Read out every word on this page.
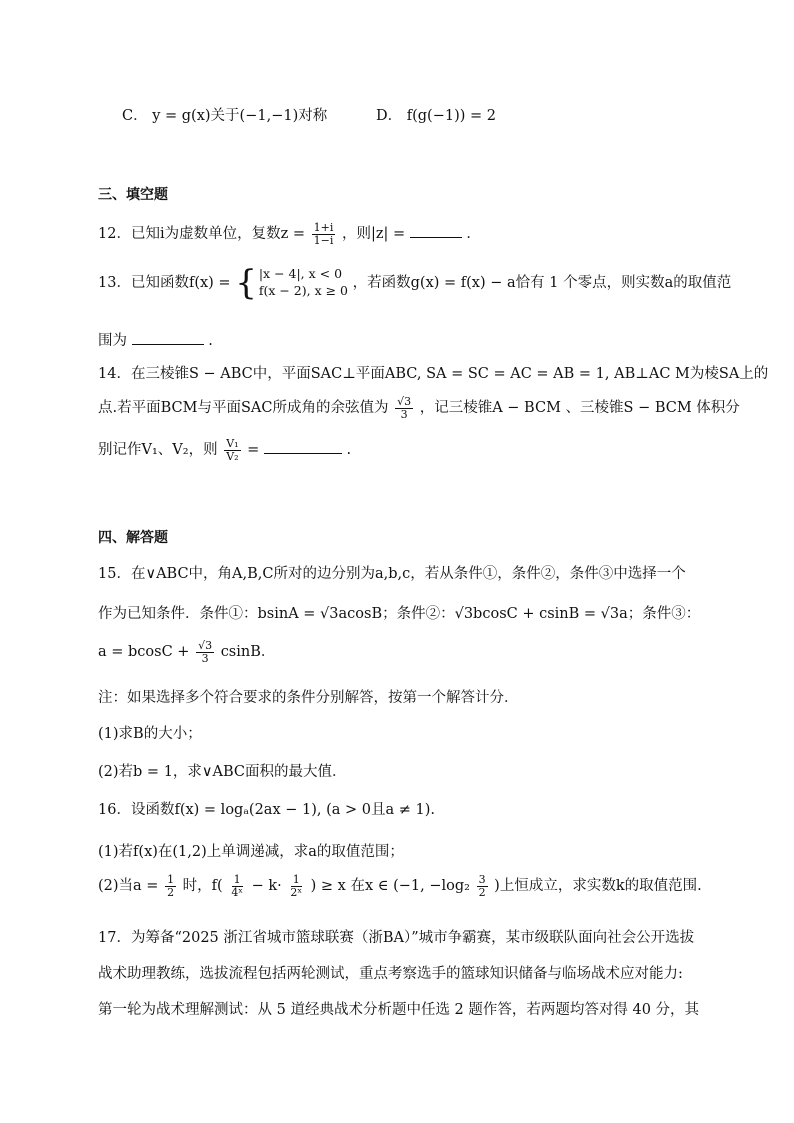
C． y = g(x)关于(−1,−1)对称	D． f(g(−1)) = 2
三、填空题
12．已知i为虚数单位，复数$z = \frac{1+i}{1-i}$ ，则|z| =	．
13．已知函数f(x) = { |x − 4|, x < 0
f(x − 2), x ≥ 0 ，若函数g(x) = f(x) − a恰有 1 个零点，则实数a的取值范
围为	.
14．在三棱锥S − ABC中，平面SAC⊥平面ABC, SA = SC = AC = AB = 1, AB⊥AC M为棱SA上的
点.若平面BCM与平面SAC所成角的余弦值为 $\frac{√3}{3}$ ，记三棱锥A − BCM 、三棱锥S − BCM 体积分
别记作V₁、V₂，则 $\frac{\text{V₁}}{\text{V₂}}$ =	.
四、解答题
15．在∨ABC中，角A,B,C所对的边分别为a,b,c，若从条件①，条件②，条件③中选择一个
作为已知条件．条件①：bsinA = √3acosB；条件②：√3bcosC + csinB = √3a；条件③：
$a = bcosC + \frac{√3}{3}$ csinB．
注：如果选择多个符合要求的条件分别解答，按第一个解答计分．
(1)求B的大小；
(2)若b = 1，求∨ABC面积的最大值．
16．设函数f(x) = logₐ(2ax − 1), (a > 0且a ≠ 1).
(1)若f(x)在(1,2)上单调递减，求a的取值范围；
(2)当$a = \frac{1}{2}$ 时，$f( \frac{1}{\text{4ˣ}} - k\cdot \frac{1}{\text{2ˣ}}$ ) ≥ x 在x ∈ (−1, $-\log_2 \frac{3}{2}$ )上恒成立，求实数k的取值范围.
17．为筹备“2025 浙江省城市篮球联赛（浙BA）”城市争霸赛，某市级联队面向社会公开选拔
战术助理教练，选拔流程包括两轮测试，重点考察选手的篮球知识储备与临场战术应对能力:
第一轮为战术理解测试：从 5 道经典战术分析题中任选 2 题作答，若两题均答对得 40 分，其
